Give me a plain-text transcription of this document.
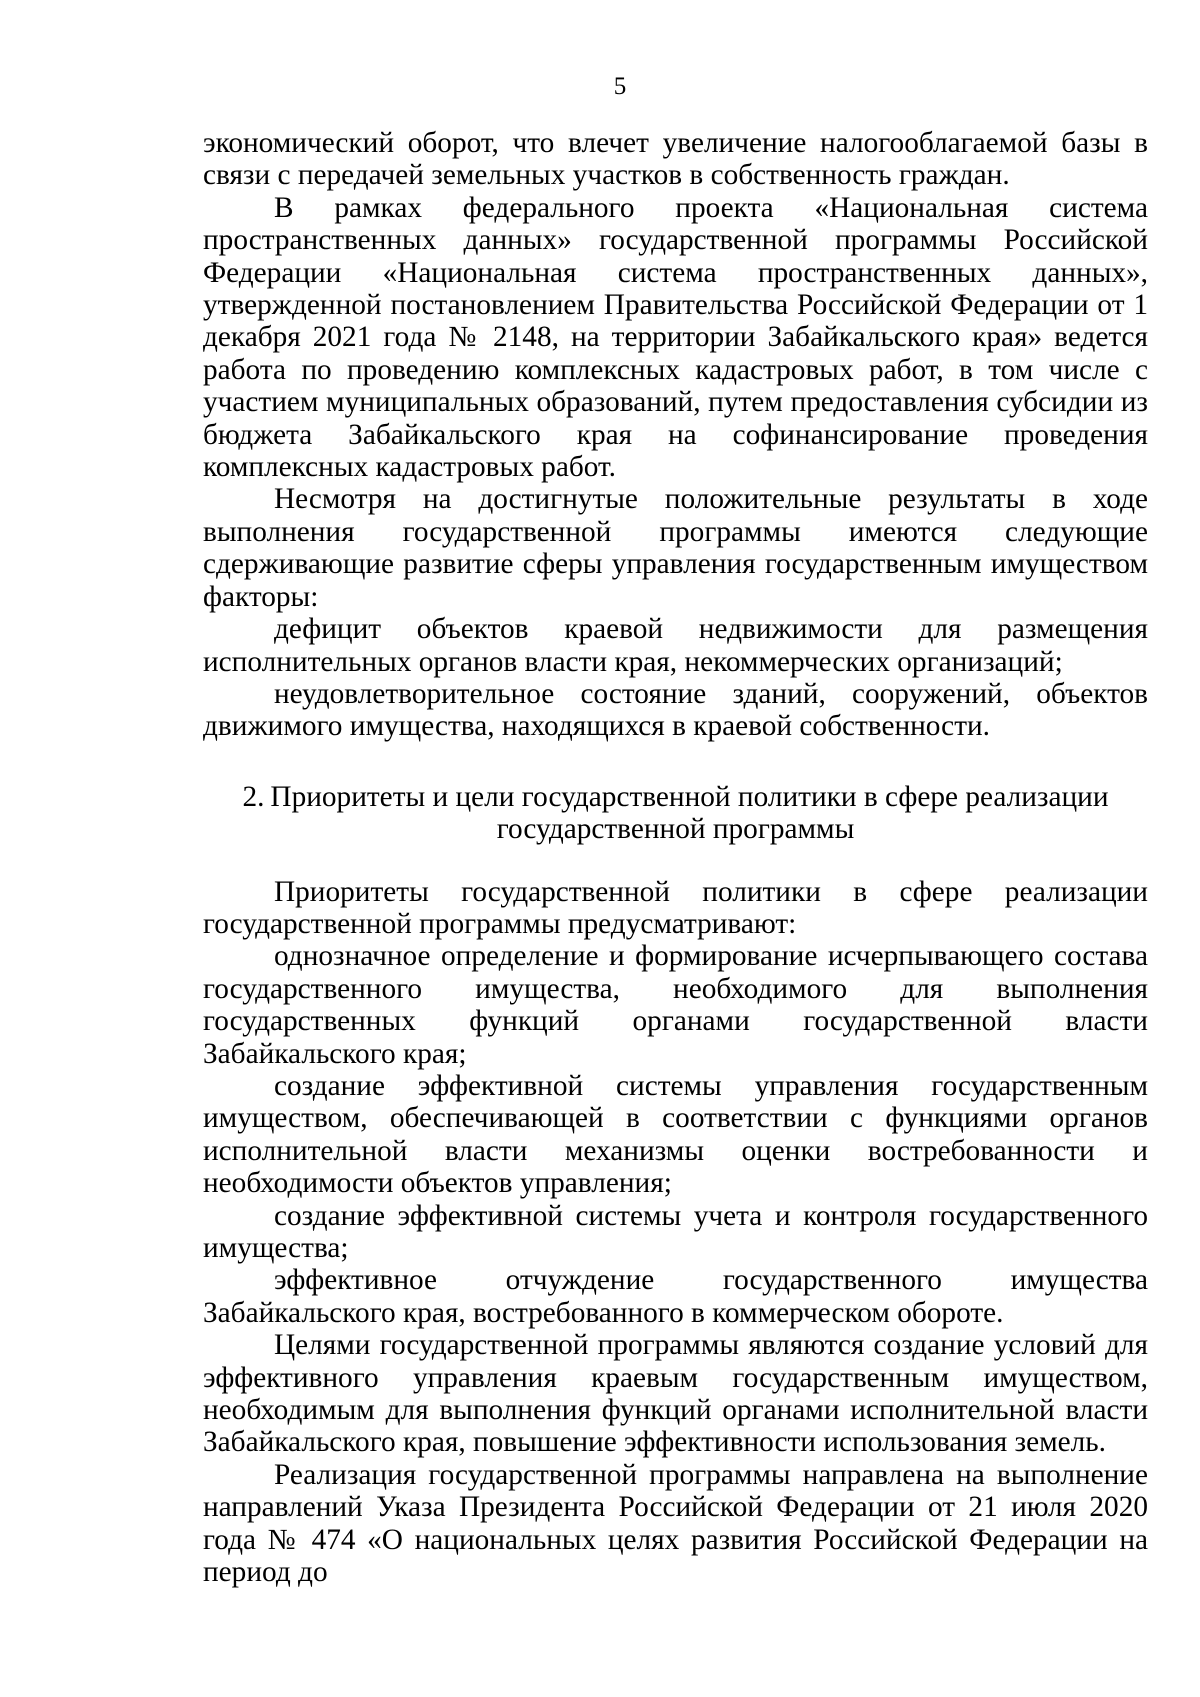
5

экономический оборот, что влечет увеличение налогооблагаемой базы в связи с передачей земельных участков в собственность граждан.

В рамках федерального проекта «Национальная система пространственных данных» государственной программы Российской Федерации «Национальная система пространственных данных», утвержденной постановлением Правительства Российской Федерации от 1 декабря 2021 года № 2148, на территории Забайкальского края» ведется работа по проведению комплексных кадастровых работ, в том числе с участием муниципальных образований, путем предоставления субсидии из бюджета Забайкальского края на софинансирование проведения комплексных кадастровых работ.

Несмотря на достигнутые положительные результаты в ходе выполнения государственной программы имеются следующие сдерживающие развитие сферы управления государственным имуществом факторы:

дефицит объектов краевой недвижимости для размещения исполнительных органов власти края, некоммерческих организаций;

неудовлетворительное состояние зданий, сооружений, объектов движимого имущества, находящихся в краевой собственности.

2. Приоритеты и цели государственной политики в сфере реализации
государственной программы

Приоритеты государственной политики в сфере реализации государственной программы предусматривают:

однозначное определение и формирование исчерпывающего состава государственного имущества, необходимого для выполнения государственных функций органами государственной власти Забайкальского края;

создание эффективной системы управления государственным имуществом, обеспечивающей в соответствии с функциями органов исполнительной власти механизмы оценки востребованности и необходимости объектов управления;

создание эффективной системы учета и контроля государственного имущества;

эффективное отчуждение государственного имущества Забайкальского края, востребованного в коммерческом обороте.

Целями государственной программы являются создание условий для эффективного управления краевым государственным имуществом, необходимым для выполнения функций органами исполнительной власти Забайкальского края, повышение эффективности использования земель.

Реализация государственной программы направлена на выполнение направлений Указа Президента Российской Федерации от 21 июля 2020 года № 474 «О национальных целях развития Российской Федерации на период до
